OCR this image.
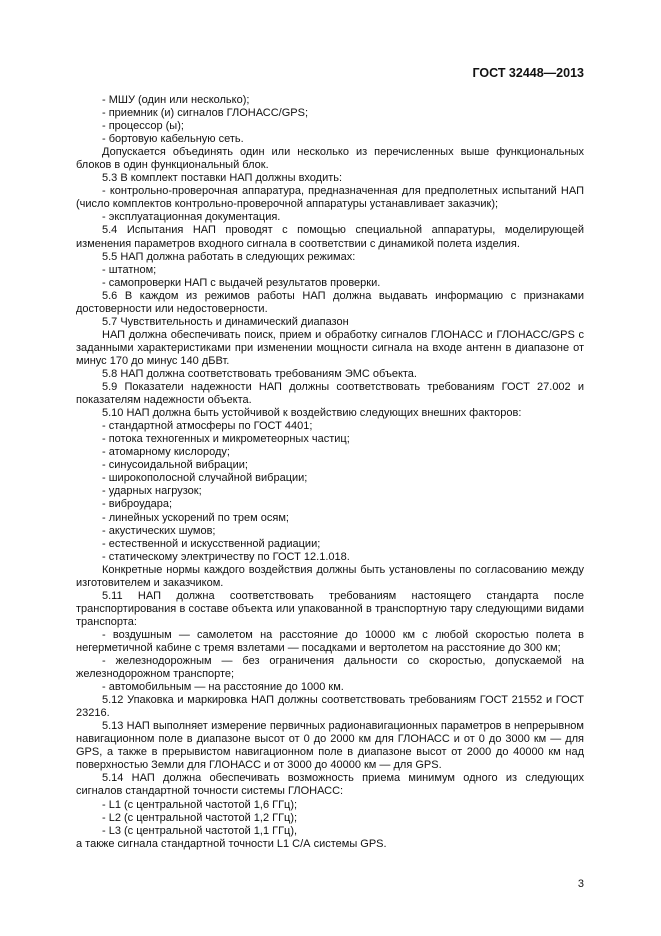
ГОСТ 32448—2013

- МШУ (один или несколько);

- приемник (и) сигналов ГЛОНАСС/GPS;

- процессор (ы);

- бортовую кабельную сеть.

Допускается объединять один или несколько из перечисленных выше функциональных блоков в один функциональный блок.

5.3 В комплект поставки НАП должны входить:

- контрольно-проверочная аппаратура, предназначенная для предполетных испытаний НАП (число комплектов контрольно-проверочной аппаратуры устанавливает заказчик);

- эксплуатационная документация.

5.4 Испытания НАП проводят с помощью специальной аппаратуры, моделирующей изменения параметров входного сигнала в соответствии с динамикой полета изделия.

5.5 НАП должна работать в следующих режимах:

- штатном;

- самопроверки НАП с выдачей результатов проверки.

5.6 В каждом из режимов работы НАП должна выдавать информацию с признаками достоверности или недостоверности.

5.7 Чувствительность и динамический диапазон

НАП должна обеспечивать поиск, прием и обработку сигналов ГЛОНАСС и ГЛОНАСС/GPS с заданными характеристиками при изменении мощности сигнала на входе антенн в диапазоне от минус 170 до минус 140 дБВт.

5.8 НАП должна соответствовать требованиям ЭМС объекта.

5.9 Показатели надежности НАП должны соответствовать требованиям ГОСТ 27.002 и показателям надежности объекта.

5.10 НАП должна быть устойчивой к воздействию следующих внешних факторов:

- стандартной атмосферы по ГОСТ 4401;

- потока техногенных и микрометеорных частиц;

- атомарному кислороду;

- синусоидальной вибрации;

- широкополосной случайной вибрации;

- ударных нагрузок;

- виброудара;

- линейных ускорений по трем осям;

- акустических шумов;

- естественной и искусственной радиации;

- статическому электричеству по ГОСТ 12.1.018.

Конкретные нормы каждого воздействия должны быть установлены по согласованию между изготовителем и заказчиком.

5.11 НАП должна соответствовать требованиям настоящего стандарта после транспортирования в составе объекта или упакованной в транспортную тару следующими видами транспорта:

- воздушным — самолетом на расстояние до 10000 км с любой скоростью полета в негерметичной кабине с тремя взлетами — посадками и вертолетом на расстояние до 300 км;

- железнодорожным — без ограничения дальности со скоростью, допускаемой на железнодорожном транспорте;

- автомобильным — на расстояние до 1000 км.

5.12 Упаковка и маркировка НАП должны соответствовать требованиям ГОСТ 21552 и ГОСТ 23216.

5.13 НАП выполняет измерение первичных радионавигационных параметров в непрерывном навигационном поле в диапазоне высот от 0 до 2000 км для ГЛОНАСС и от 0 до 3000 км — для GPS, а также в прерывистом навигационном поле в диапазоне высот от 2000 до 40000 км над поверхностью Земли для ГЛОНАСС и от 3000 до 40000 км — для GPS.

5.14 НАП должна обеспечивать возможность приема минимум одного из следующих сигналов стандартной точности системы ГЛОНАСС:

- L1 (с центральной частотой 1,6 ГГц);

- L2 (с центральной частотой 1,2 ГГц);

- L3 (с центральной частотой 1,1 ГГц),

а также сигнала стандартной точности L1 С/А системы GPS.

3
